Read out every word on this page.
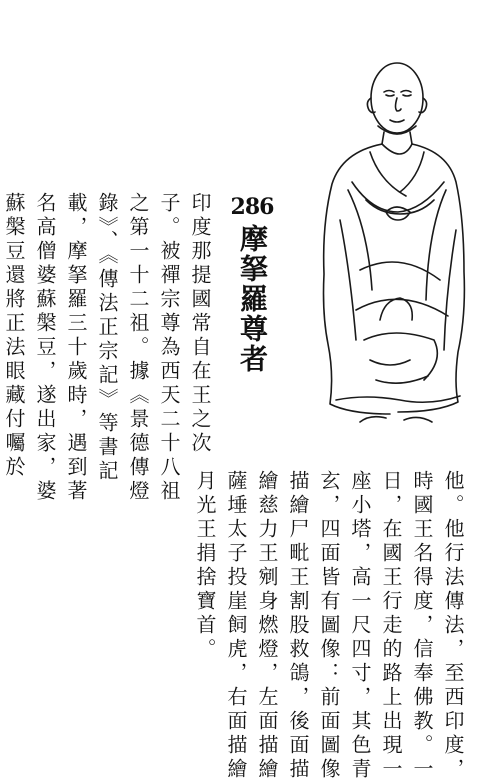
286
摩拏羅尊者
印度那提國常自在王之次
子。被禪宗尊為西天二十八祖
之第一十二祖。據《景德傳燈
錄》、《傳法正宗記》等書記
載，摩拏羅三十歲時，遇到著
名高僧婆蘇槃豆，遂出家，婆
蘇槃豆還將正法眼藏付囑於
他。他行法傳法，至西印度，
時國王名得度，信奉佛教。一
日，在國王行走的路上出現一
座小塔，高一尺四寸，其色青
玄，四面皆有圖像：前面圖像
描繪尸毗王割股救鴿，後面描
繪慈力王剜身燃燈，左面描繪
薩埵太子投崖飼虎，右面描繪
月光王捐捨寶首。
